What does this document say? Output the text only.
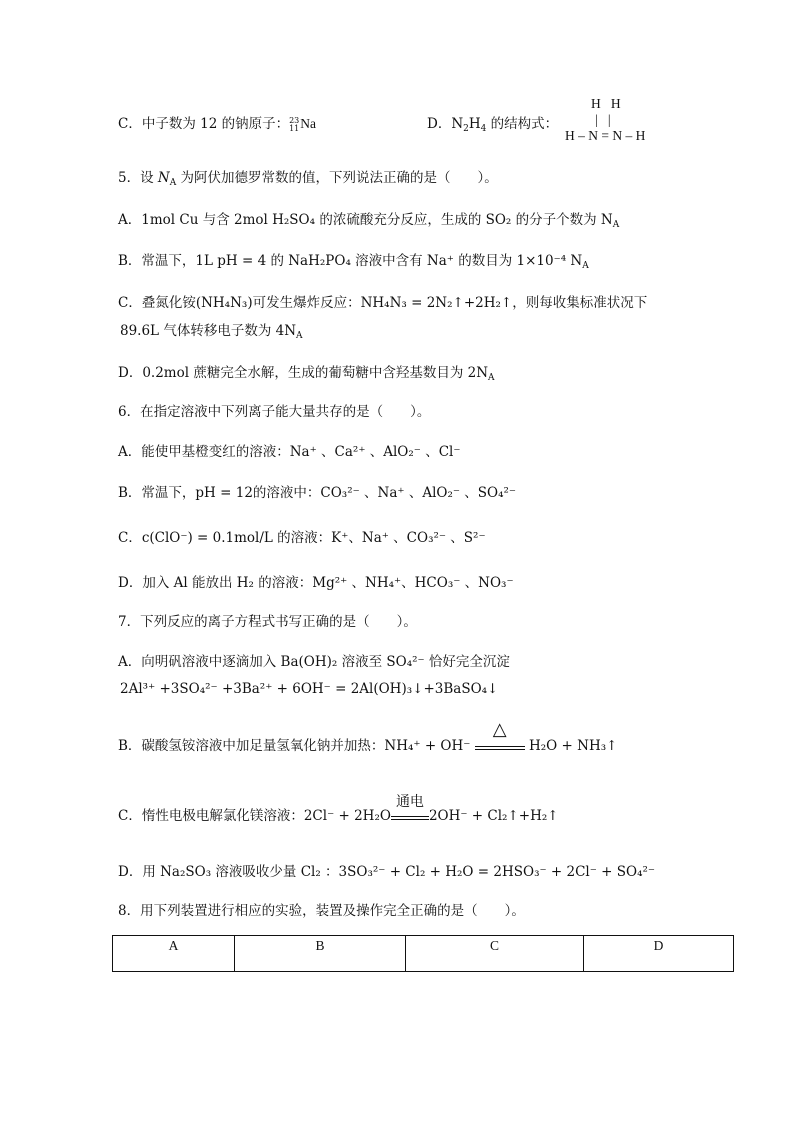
C．中子数为 12 的钠原子： 23
11 Na	D．$N_2H_4$ 的结构式：
H   H
|   |
H – N = N – H
5．设 $N_A$ 为阿伏加德罗常数的值，下列说法正确的是（　　）。
A．1mol Cu 与含 2mol H₂SO₄ 的浓硫酸充分反应，生成的 SO₂ 的分子个数为 $N_A$
B．常温下，1L pH = 4 的 NaH₂PO₄ 溶液中含有 Na⁺ 的数目为 1×10⁻⁴ $N_A$
C．叠氮化铵(NH₄N₃)可发生爆炸反应：NH₄N₃ = 2N₂↑+2H₂↑，则每收集标准状况下
89.6L 气体转移电子数为 $4N_A$
D．0.2mol 蔗糖完全水解，生成的葡萄糖中含羟基数目为 $2N_A$
6．在指定溶液中下列离子能大量共存的是（　　）。
A．能使甲基橙变红的溶液：Na⁺ 、Ca²⁺ 、AlO₂⁻ 、Cl⁻
B．常温下，pH = 12的溶液中：CO₃²⁻ 、Na⁺ 、AlO₂⁻ 、SO₄²⁻
C．c(ClO⁻) = 0.1mol/L 的溶液：K⁺、Na⁺ 、CO₃²⁻ 、S²⁻
D．加入 Al 能放出 H₂ 的溶液：Mg²⁺ 、NH₄⁺、HCO₃⁻ 、NO₃⁻
7．下列反应的离子方程式书写正确的是（　　）。
A．向明矾溶液中逐滴加入 Ba(OH)₂ 溶液至 SO₄²⁻ 恰好完全沉淀
2Al³⁺ +3SO₄²⁻ +3Ba²⁺ + 6OH⁻ = 2Al(OH)₃↓+3BaSO₄↓
B．碳酸氢铵溶液中加足量氢氧化钠并加热：NH₄⁺ + OH⁻
△
H₂O + NH₃↑
C．惰性电极电解氯化镁溶液：2Cl⁻ + 2H₂O
通电
2OH⁻ + Cl₂↑+H₂↑
D．用 Na₂SO₃ 溶液吸收少量 Cl₂ ：3SO₃²⁻ + Cl₂ + H₂O = 2HSO₃⁻ + 2Cl⁻ + SO₄²⁻
8．用下列装置进行相应的实验，装置及操作完全正确的是（　　）。
A	B	C	D
